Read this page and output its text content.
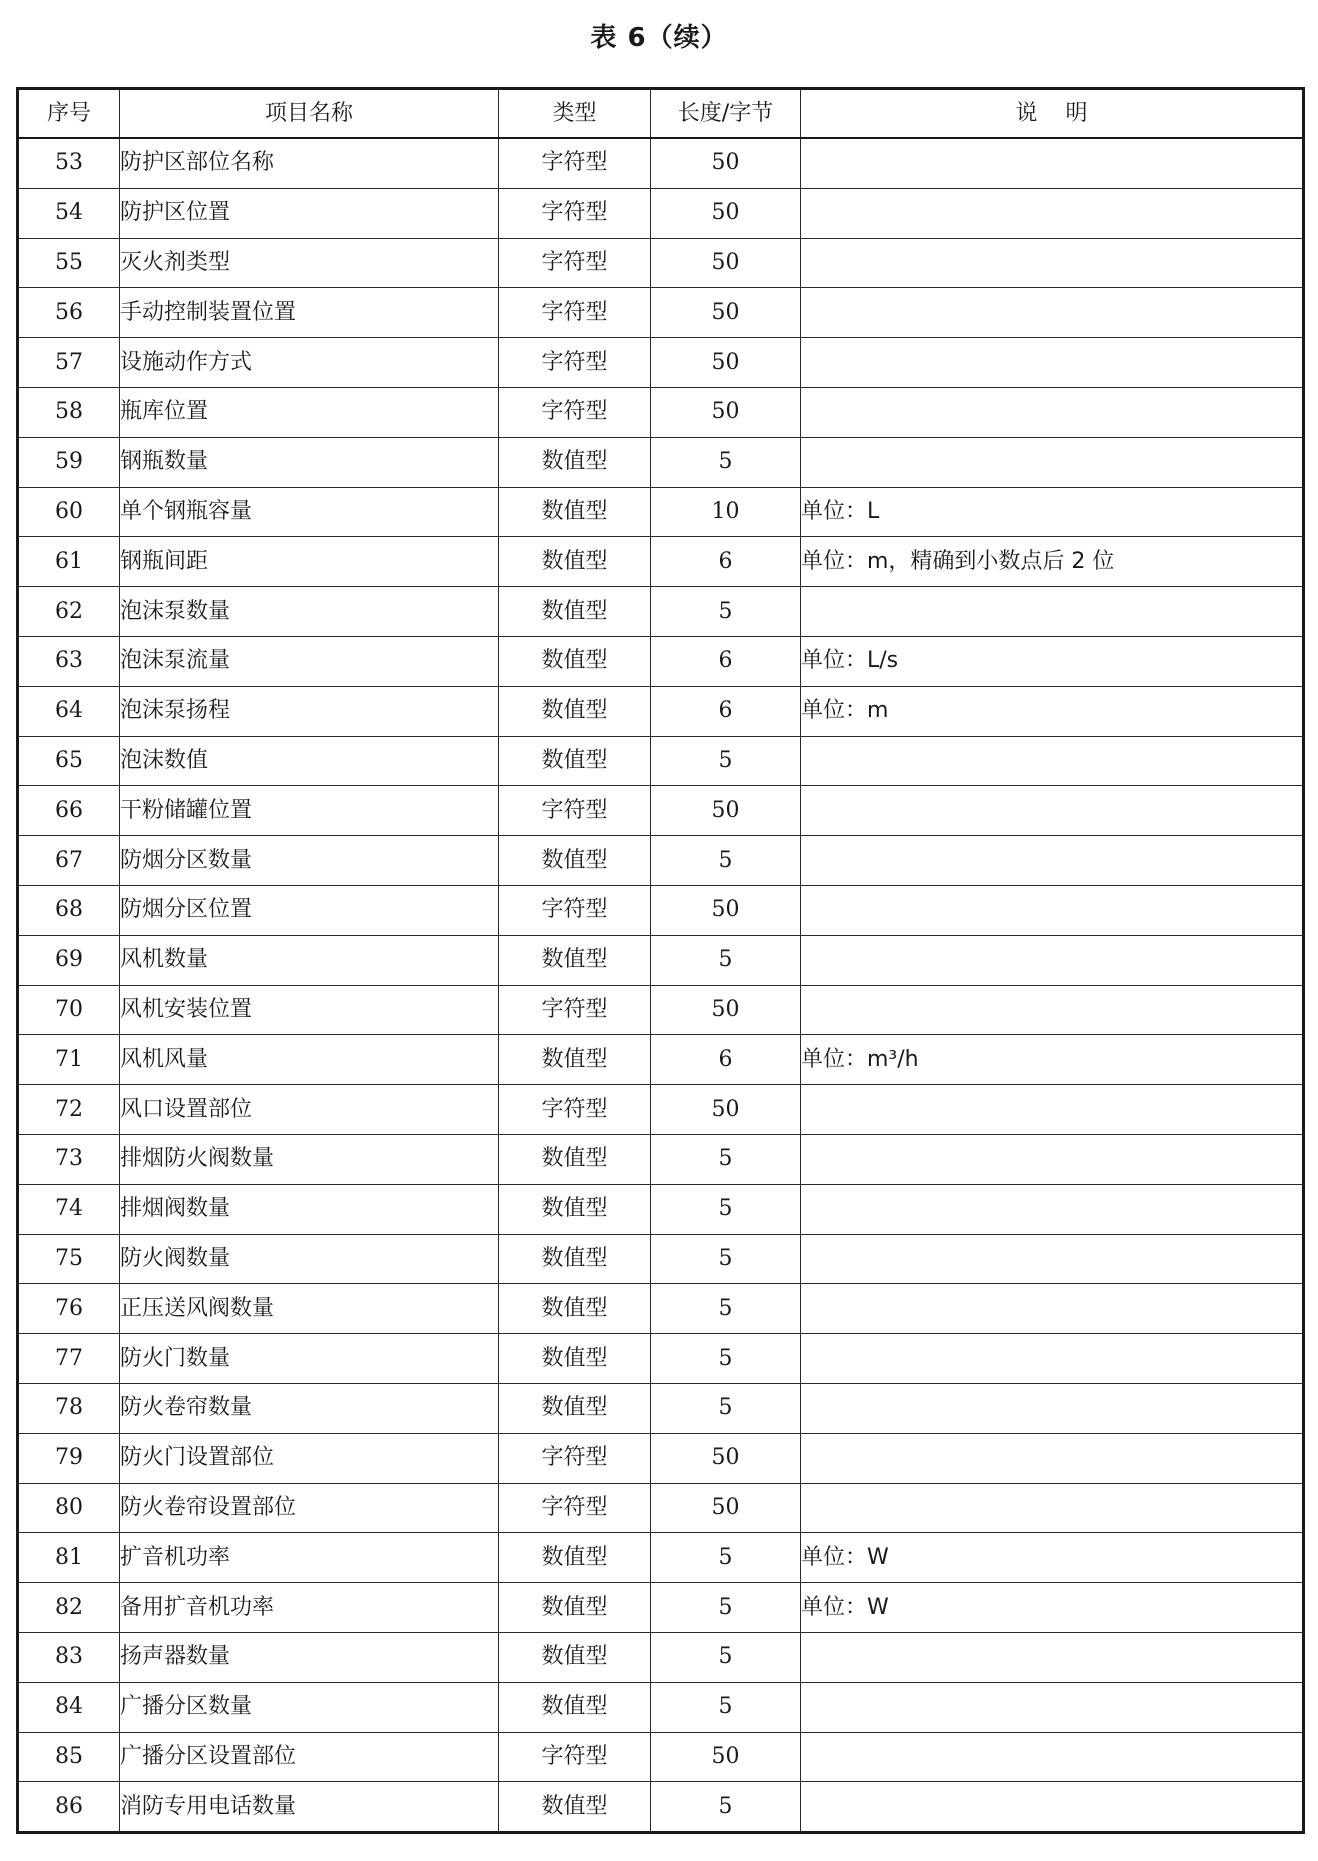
表 6（续）
序号	项目名称	类型	长度/字节	说    明
53	防护区部位名称	字符型	50	
54	防护区位置	字符型	50	
55	灭火剂类型	字符型	50	
56	手动控制装置位置	字符型	50	
57	设施动作方式	字符型	50	
58	瓶库位置	字符型	50	
59	钢瓶数量	数值型	5	
60	单个钢瓶容量	数值型	10	单位：L
61	钢瓶间距	数值型	6	单位：m，精确到小数点后 2 位
62	泡沫泵数量	数值型	5	
63	泡沫泵流量	数值型	6	单位：L/s
64	泡沫泵扬程	数值型	6	单位：m
65	泡沫数值	数值型	5	
66	干粉储罐位置	字符型	50	
67	防烟分区数量	数值型	5	
68	防烟分区位置	字符型	50	
69	风机数量	数值型	5	
70	风机安装位置	字符型	50	
71	风机风量	数值型	6	单位：m³/h
72	风口设置部位	字符型	50	
73	排烟防火阀数量	数值型	5	
74	排烟阀数量	数值型	5	
75	防火阀数量	数值型	5	
76	正压送风阀数量	数值型	5	
77	防火门数量	数值型	5	
78	防火卷帘数量	数值型	5	
79	防火门设置部位	字符型	50	
80	防火卷帘设置部位	字符型	50	
81	扩音机功率	数值型	5	单位：W
82	备用扩音机功率	数值型	5	单位：W
83	扬声器数量	数值型	5	
84	广播分区数量	数值型	5	
85	广播分区设置部位	字符型	50	
86	消防专用电话数量	数值型	5	
